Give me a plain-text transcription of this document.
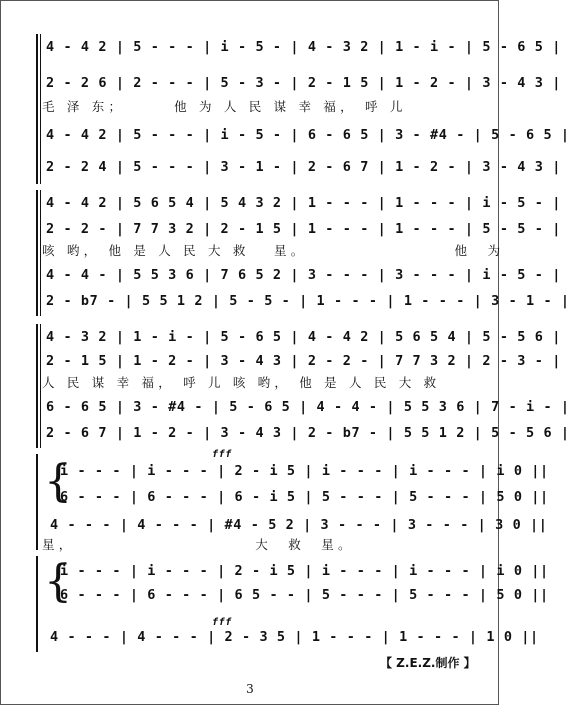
4 - 4 2 | 5 - - - | i - 5 - | 4 - 3 2 | 1 - i - | 5 - 6 5 |
2 - 2 6 | 2 - - - | 5 - 3 - | 2 - 1 5 | 1 - 2 - | 3 - 4 3 |
毛 泽 东；      他 为 人 民 谋 幸 福， 呼 儿
4 - 4 2 | 5 - - - | i - 5 - | 6 - 6 5 | 3 - #4 - | 5 - 6 5 |
2 - 2 4 | 5 - - - | 3 - 1 - | 2 - 6 7 | 1 - 2 - | 3 - 4 3 |
4 - 4 2 | 5 6 5 4 | 5 4 3 2 | 1 - - - | 1 - - - | i - 5 - |
2 - 2 - | 7 7 3 2 | 2 - 1 5 | 1 - - - | 1 - - - | 5 - 5 - |
咳 哟， 他 是 人 民 大 救   星。                  他  为
4 - 4 - | 5 5 3 6 | 7 6 5 2 | 3 - - - | 3 - - - | i - 5 - |
2 - b7 - | 5 5 1 2 | 5 - 5 - | 1 - - - | 1 - - - | 3 - 1 - |
4 - 3 2 | 1 - i - | 5 - 6 5 | 4 - 4 2 | 5 6 5 4 | 5 - 5 6 |
2 - 1 5 | 1 - 2 - | 3 - 4 3 | 2 - 2 - | 7 7 3 2 | 2 - 3 - |
人 民 谋 幸 福， 呼 儿 咳 哟， 他 是 人 民 大 救
6 - 6 5 | 3 - #4 - | 5 - 6 5 | 4 - 4 - | 5 5 3 6 | 7 - i - |
2 - 6 7 | 1 - 2 - | 3 - 4 3 | 2 - b7 - | 5 5 1 2 | 5 - 5 6 |
{
i - - - | i - - - | 2 - i 5 | i - - - | i - - - | i 0 ||
6 - - - | 6 - - - | 6 - i 5 | 5 - - - | 5 - - - | 5 0 ||
4 - - - | 4 - - - | #4 - 5 2 | 3 - - - | 3 - - - | 3 0 ||
星，                      大  救  星。
fff
{
i - - - | i - - - | 2 - i 5 | i - - - | i - - - | i 0 ||
6 - - - | 6 - - - | 6 5 - - | 5 - - - | 5 - - - | 5 0 ||
4 - - - | 4 - - - | 2 - 3 5 | 1 - - - | 1 - - - | 1 0 ||
fff
【 Z.E.Z.制作 】
3
